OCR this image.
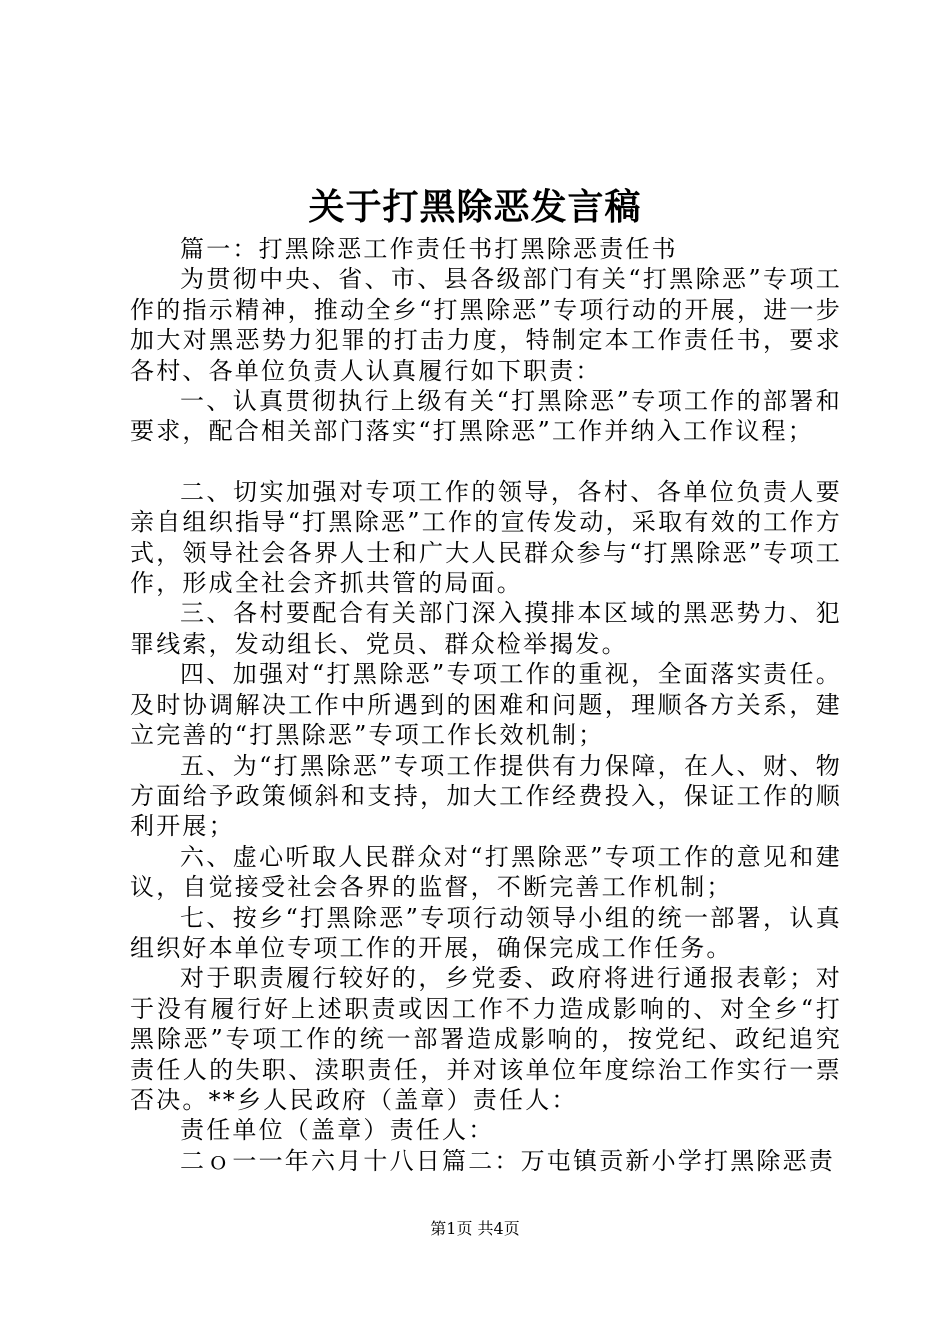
关于打黑除恶发言稿

篇一：打黑除恶工作责任书打黑除恶责任书

为贯彻中央、省、市、县各级部门有关“打黑除恶”专项工作的指示精神，推动全乡“打黑除恶”专项行动的开展，进一步加大对黑恶势力犯罪的打击力度，特制定本工作责任书，要求各村、各单位负责人认真履行如下职责：

一、认真贯彻执行上级有关“打黑除恶”专项工作的部署和要求，配合相关部门落实“打黑除恶”工作并纳入工作议程；

二、切实加强对专项工作的领导，各村、各单位负责人要亲自组织指导“打黑除恶”工作的宣传发动，采取有效的工作方式，领导社会各界人士和广大人民群众参与“打黑除恶”专项工作，形成全社会齐抓共管的局面。

三、各村要配合有关部门深入摸排本区域的黑恶势力、犯罪线索，发动组长、党员、群众检举揭发。

四、加强对“打黑除恶”专项工作的重视，全面落实责任。及时协调解决工作中所遇到的困难和问题，理顺各方关系，建立完善的“打黑除恶”专项工作长效机制；

五、为“打黑除恶”专项工作提供有力保障，在人、财、物方面给予政策倾斜和支持，加大工作经费投入，保证工作的顺利开展；

六、虚心听取人民群众对“打黑除恶”专项工作的意见和建议，自觉接受社会各界的监督，不断完善工作机制；

七、按乡“打黑除恶”专项行动领导小组的统一部署，认真组织好本单位专项工作的开展，确保完成工作任务。

对于职责履行较好的，乡党委、政府将进行通报表彰；对于没有履行好上述职责或因工作不力造成影响的、对全乡“打黑除恶”专项工作的统一部署造成影响的，按党纪、政纪追究责任人的失职、渎职责任，并对该单位年度综治工作实行一票否决。**乡人民政府（盖章）责任人：

责任单位（盖章）责任人：

二ｏ一一年六月十八日篇二：万屯镇贡新小学打黑除恶责

第1页 共4页
